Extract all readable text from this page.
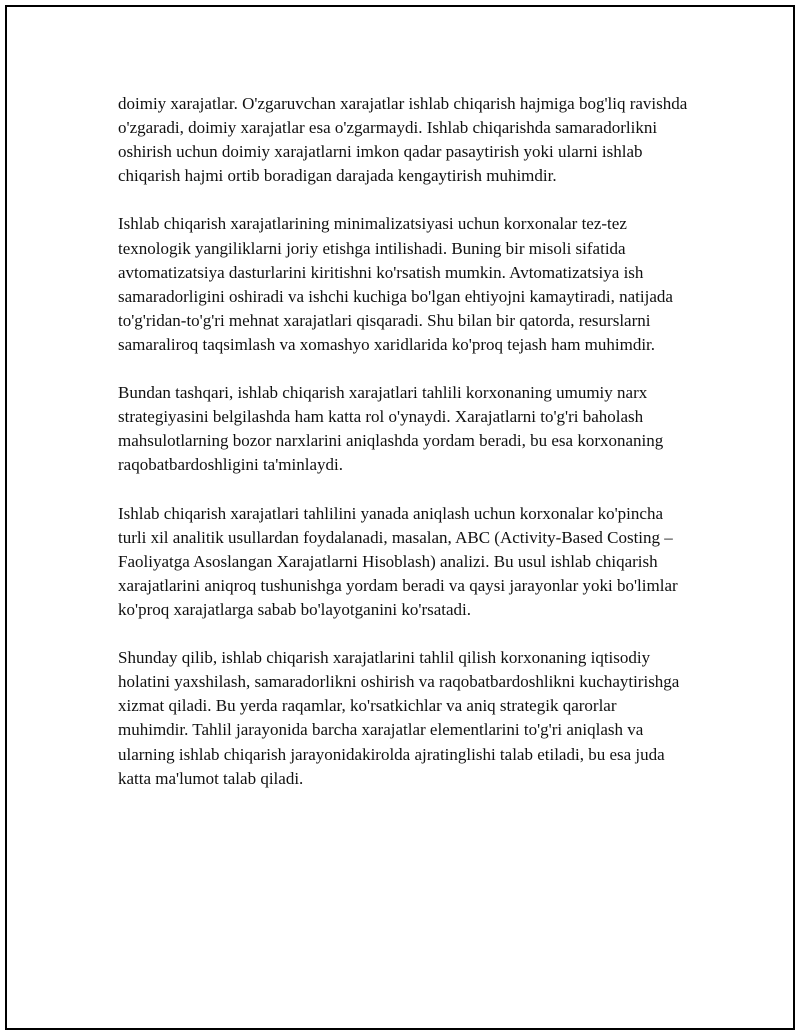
doimiy xarajatlar. O'zgaruvchan xarajatlar ishlab chiqarish hajmiga bog'liq ravishda o'zgaradi, doimiy xarajatlar esa o'zgarmaydi. Ishlab chiqarishda samaradorlikni oshirish uchun doimiy xarajatlarni imkon qadar pasaytirish yoki ularni ishlab chiqarish hajmi ortib boradigan darajada kengaytirish muhimdir.

Ishlab chiqarish xarajatlarining minimalizatsiyasi uchun korxonalar tez-tez texnologik yangiliklarni joriy etishga intilishadi. Buning bir misoli sifatida avtomatizatsiya dasturlarini kiritishni ko'rsatish mumkin. Avtomatizatsiya ish samaradorligini oshiradi va ishchi kuchiga bo'lgan ehtiyojni kamaytiradi, natijada to'g'ridan-to'g'ri mehnat xarajatlari qisqaradi. Shu bilan bir qatorda, resurslarni samaraliroq taqsimlash va xomashyo xaridlarida ko'proq tejash ham muhimdir.

Bundan tashqari, ishlab chiqarish xarajatlari tahlili korxonaning umumiy narx strategiyasini belgilashda ham katta rol o'ynaydi. Xarajatlarni to'g'ri baholash mahsulotlarning bozor narxlarini aniqlashda yordam beradi, bu esa korxonaning raqobatbardoshligini ta'minlaydi.

Ishlab chiqarish xarajatlari tahlilini yanada aniqlash uchun korxonalar ko'pincha turli xil analitik usullardan foydalanadi, masalan, ABC (Activity-Based Costing – Faoliyatga Asoslangan Xarajatlarni Hisoblash) analizi. Bu usul ishlab chiqarish xarajatlarini aniqroq tushunishga yordam beradi va qaysi jarayonlar yoki bo'limlar ko'proq xarajatlarga sabab bo'layotganini ko'rsatadi.

Shunday qilib, ishlab chiqarish xarajatlarini tahlil qilish korxonaning iqtisodiy holatini yaxshilash, samaradorlikni oshirish va raqobatbardoshlikni kuchaytirishga xizmat qiladi. Bu yerda raqamlar, ko'rsatkichlar va aniq strategik qarorlar muhimdir. Tahlil jarayonida barcha xarajatlar elementlarini to'g'ri aniqlash va ularning ishlab chiqarish jarayonidakirolda ajratinglishi talab etiladi, bu esa juda katta ma'lumot talab qiladi.
